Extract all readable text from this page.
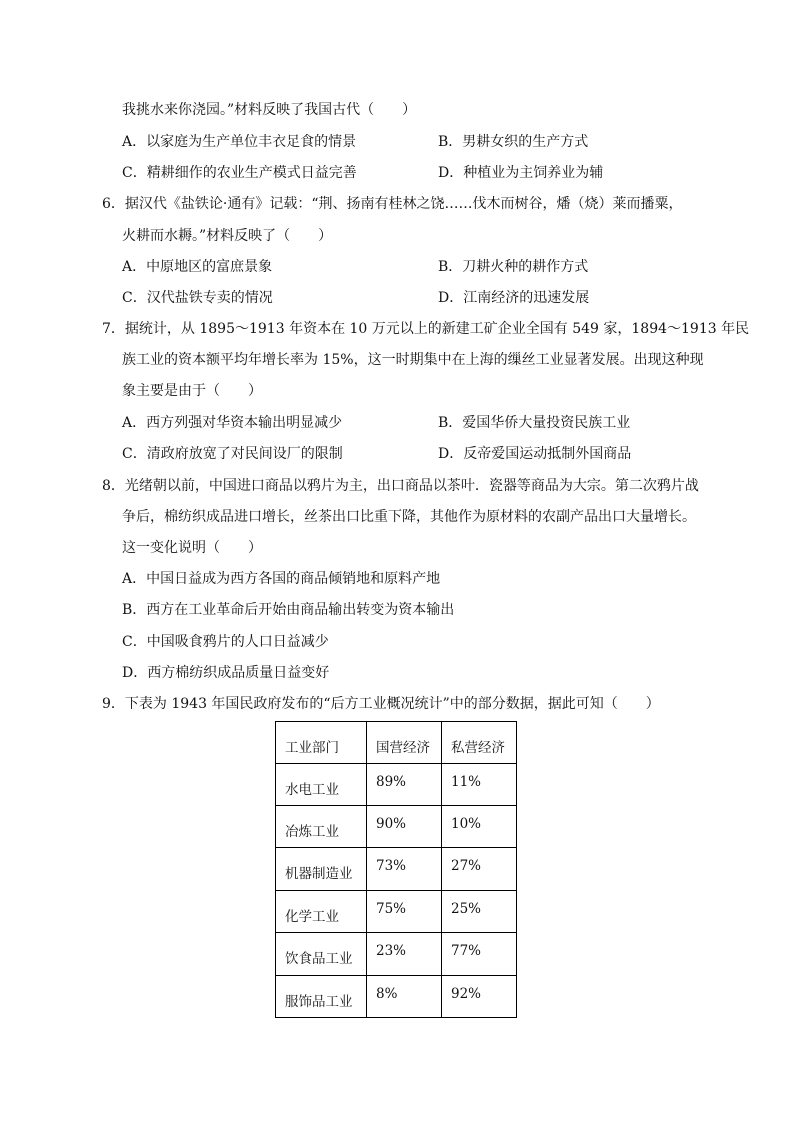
我挑水来你浇园。”材料反映了我国古代（　　）
A．以家庭为生产单位丰衣足食的情景	B．男耕女织的生产方式
C．精耕细作的农业生产模式日益完善	D．种植业为主饲养业为辅
6．据汉代《盐铁论·通有》记载：“荆、扬南有桂林之饶……伐木而树谷，燔（烧）莱而播粟，
火耕而水耨。”材料反映了（　　）
A．中原地区的富庶景象	B．刀耕火种的耕作方式
C．汉代盐铁专卖的情况	D．江南经济的迅速发展
7．据统计，从 1895～1913 年资本在 10 万元以上的新建工矿企业全国有 549 家，1894～1913 年民
族工业的资本额平均年增长率为 15%，这一时期集中在上海的缫丝工业显著发展。出现这种现
象主要是由于（　　）
A．西方列强对华资本输出明显减少	B．爱国华侨大量投资民族工业
C．清政府放宽了对民间设厂的限制	D．反帝爱国运动抵制外国商品
8．光绪朝以前，中国进口商品以鸦片为主，出口商品以茶叶．瓷器等商品为大宗。第二次鸦片战
争后，棉纺织成品进口增长，丝茶出口比重下降，其他作为原材料的农副产品出口大量增长。
这一变化说明（　　）
A．中国日益成为西方各国的商品倾销地和原料产地
B．西方在工业革命后开始由商品输出转变为资本输出
C．中国吸食鸦片的人口日益减少
D．西方棉纺织成品质量日益变好
9．下表为 1943 年国民政府发布的“后方工业概况统计”中的部分数据，据此可知（　　）
工业部门	国营经济	私营经济

水电工业	89%	11%

冶炼工业	90%	10%

机器制造业	73%	27%

化学工业	75%	25%

饮食品工业	23%	77%

服饰品工业	8%	92%
